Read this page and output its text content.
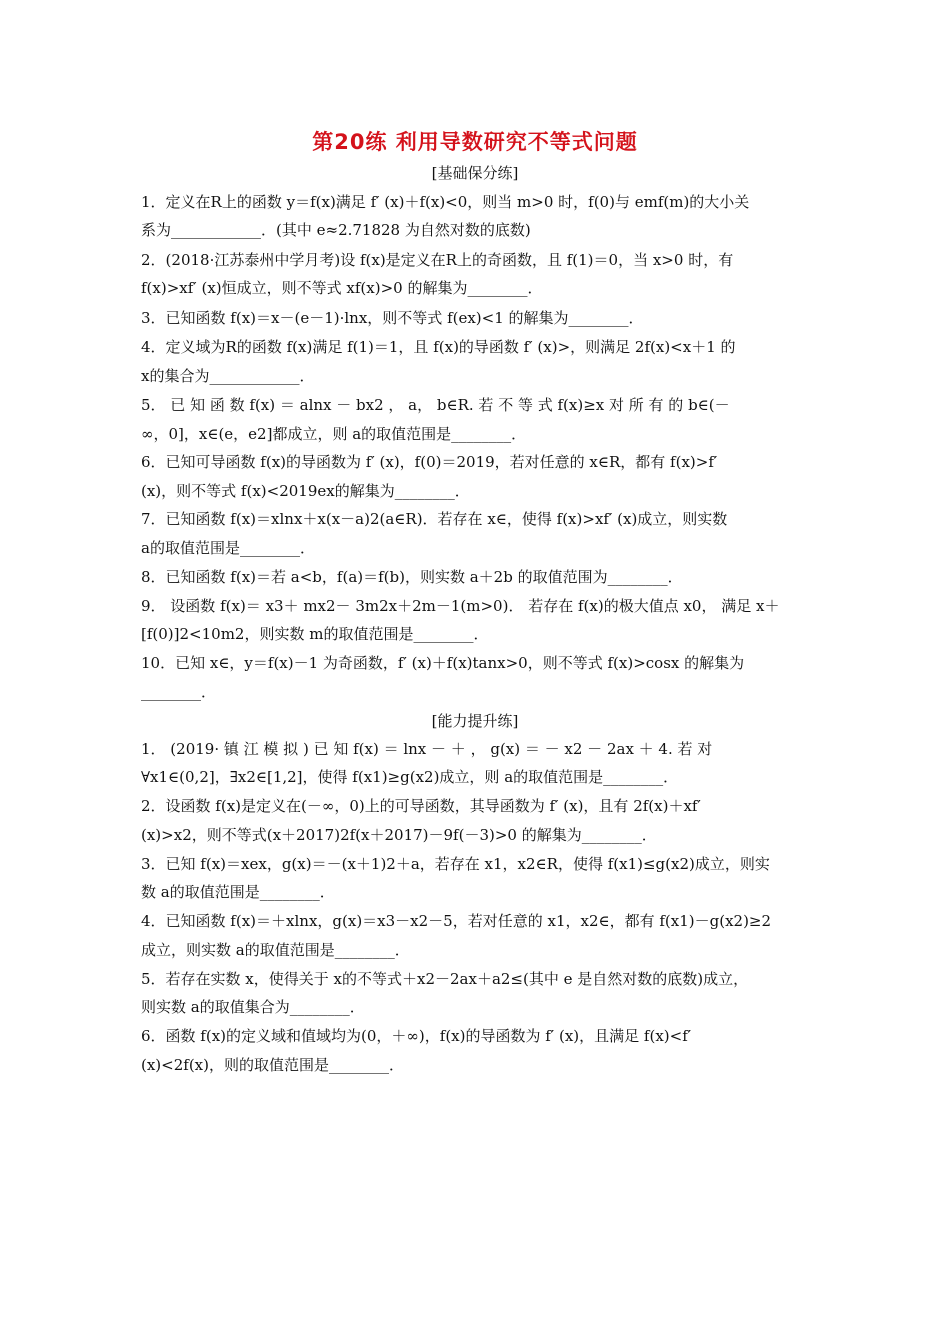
第20练 利用导数研究不等式问题
[基础保分练]
1．定义在R上的函数 y＝f(x)满足 f′ (x)＋f(x)<0，则当 m>0 时，f(0)与 emf(m)的大小关
系为____________．(其中 e≈2.71828 为自然对数的底数)
2．(2018·江苏泰州中学月考)设 f(x)是定义在R上的奇函数，且 f(1)＝0，当 x>0 时，有
f(x)>xf′ (x)恒成立，则不等式 xf(x)>0 的解集为________．
3．已知函数 f(x)＝x－(e－1)·lnx，则不等式 f(ex)<1 的解集为________．
4．定义域为R的函数 f(x)满足 f(1)＝1，且 f(x)的导函数 f′ (x)>，则满足 2f(x)<x＋1 的
x的集合为____________．
5． 已 知 函 数 f(x) ＝ alnx － bx2 ， a， b∈R. 若 不 等 式 f(x)≥x 对 所 有 的 b∈(－
∞，0]，x∈(e，e2]都成立，则 a的取值范围是________．
6．已知可导函数 f(x)的导函数为 f′ (x)，f(0)＝2019，若对任意的 x∈R，都有 f(x)>f′
(x)，则不等式 f(x)<2019ex的解集为________．
7．已知函数 f(x)＝xlnx＋x(x－a)2(a∈R)．若存在 x∈，使得 f(x)>xf′ (x)成立，则实数
a的取值范围是________．
8．已知函数 f(x)＝若 a<b，f(a)＝f(b)，则实数 a＋2b 的取值范围为________．
9． 设函数 f(x)＝ x3＋ mx2－ 3m2x＋2m－1(m>0)． 若存在 f(x)的极大值点 x0， 满足 x＋
[f(0)]2<10m2，则实数 m的取值范围是________．
10．已知 x∈，y＝f(x)－1 为奇函数，f′ (x)＋f(x)tanx>0，则不等式 f(x)>cosx 的解集为
________．
[能力提升练]
1． (2019· 镇 江 模 拟 ) 已 知 f(x) ＝ lnx － ＋ ， g(x) ＝ － x2 － 2ax ＋ 4. 若 对
∀x1∈(0,2]，∃x2∈[1,2]，使得 f(x1)≥g(x2)成立，则 a的取值范围是________．
2．设函数 f(x)是定义在(－∞，0)上的可导函数，其导函数为 f′ (x)，且有 2f(x)＋xf′
(x)>x2，则不等式(x＋2017)2f(x＋2017)－9f(－3)>0 的解集为________．
3．已知 f(x)＝xex，g(x)＝－(x＋1)2＋a，若存在 x1，x2∈R，使得 f(x1)≤g(x2)成立，则实
数 a的取值范围是________．
4．已知函数 f(x)＝＋xlnx，g(x)＝x3－x2－5，若对任意的 x1，x2∈，都有 f(x1)－g(x2)≥2
成立，则实数 a的取值范围是________．
5．若存在实数 x，使得关于 x的不等式＋x2－2ax＋a2≤(其中 e 是自然对数的底数)成立，
则实数 a的取值集合为________．
6．函数 f(x)的定义域和值域均为(0，＋∞)，f(x)的导函数为 f′ (x)，且满足 f(x)<f′
(x)<2f(x)，则的取值范围是________．
